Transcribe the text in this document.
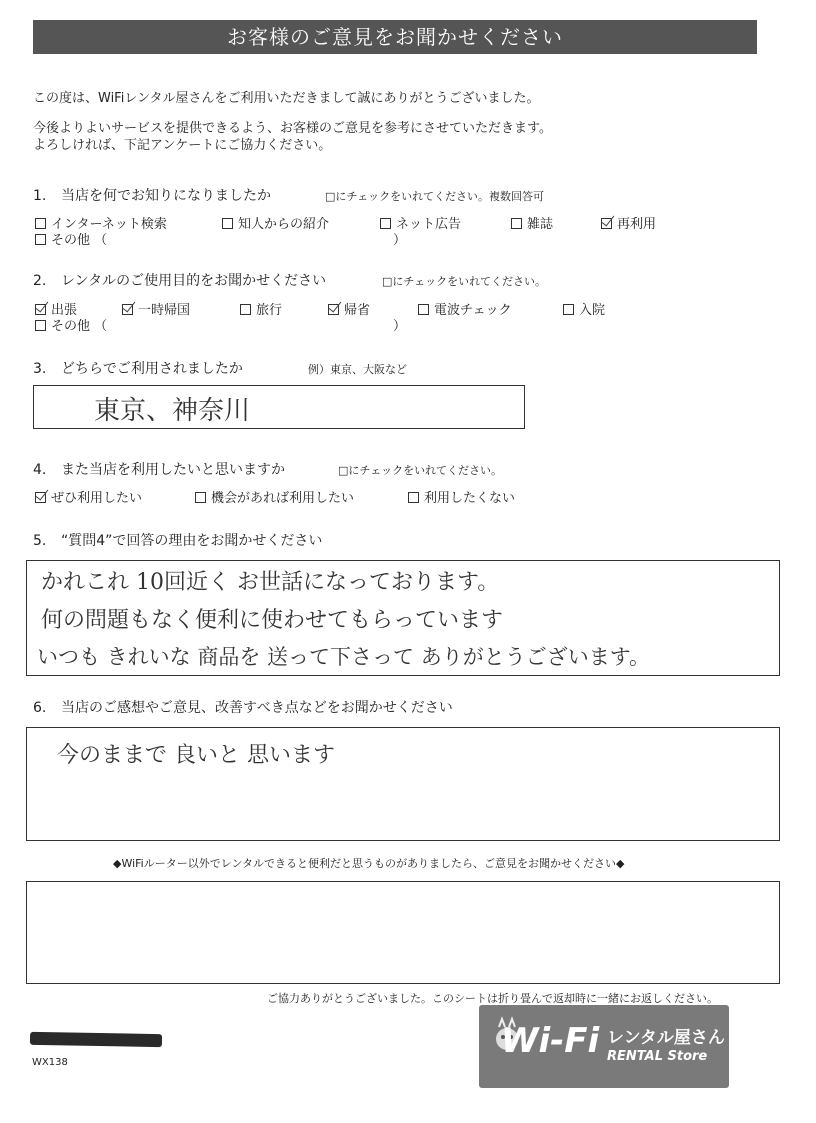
お客様のご意見をお聞かせください
この度は、WiFiレンタル屋さんをご利用いただきまして誠にありがとうございました。
今後よりよいサービスを提供できるよう、お客様のご意見を参考にさせていただきます。
よろしければ、下記アンケートにご協力ください。
1. 当店を何でお知りになりましたか	□にチェックをいれてください。複数回答可
インターネット検索	知人からの紹介	ネット広告	雑誌	再利用
その他 （	）
2. レンタルのご使用目的をお聞かせください	□にチェックをいれてください。
出張	一時帰国	旅行	帰省	電波チェック	入院
その他 （	）
3. どちらでご利用されましたか	例）東京、大阪など
東京、神奈川
4. また当店を利用したいと思いますか	□にチェックをいれてください。
ぜひ利用したい	機会があれば利用したい	利用したくない
5. “質問4”で回答の理由をお聞かせください
かれこれ 10回近く お世話になっております。
何の問題もなく便利に使わせてもらっています
いつも きれいな 商品を 送って下さって ありがとうございます。
6. 当店のご感想やご意見、改善すべき点などをお聞かせください
今のままで 良いと 思います
◆WiFiルーター以外でレンタルできると便利だと思うものがありましたら、ご意見をお聞かせください◆
ご協力ありがとうございました。このシートは折り畳んで返却時に一緒にお返しください。
WX138
Wi-Fi レンタル屋さん
RENTAL Store
